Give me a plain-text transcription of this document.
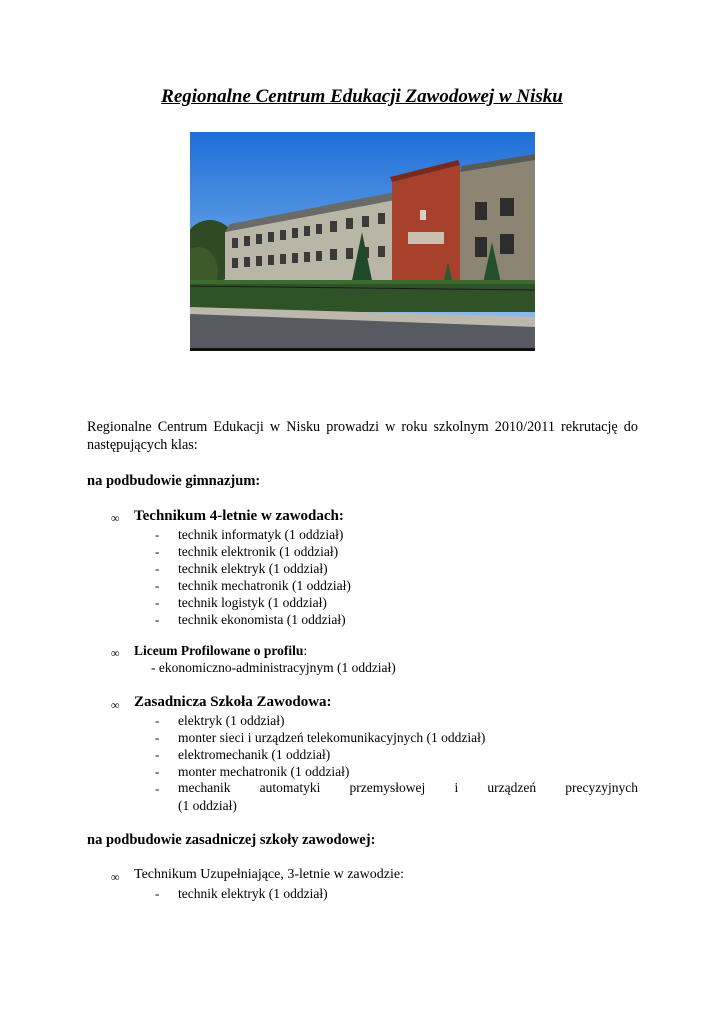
Regionalne Centrum Edukacji Zawodowej w Nisku
Regionalne Centrum Edukacji w Nisku prowadzi w roku szkolnym 2010/2011 rekrutację do następujących klas:
na podbudowie gimnazjum:
∞ Technikum 4-letnie w zawodach:
- technik informatyk (1 oddział)
- technik elektronik (1 oddział)
- technik elektryk (1 oddział)
- technik mechatronik (1 oddział)
- technik logistyk (1 oddział)
- technik ekonomista (1 oddział)
∞ Liceum Profilowane o profilu:
- ekonomiczno-administracyjnym (1 oddział)
∞ Zasadnicza Szkoła Zawodowa:
- elektryk (1 oddział)
- monter sieci i urządzeń telekomunikacyjnych (1 oddział)
- elektromechanik (1 oddział)
- monter mechatronik (1 oddział)
- mechanik automatyki przemysłowej i urządzeń precyzyjnych
(1 oddział)
na podbudowie zasadniczej szkoły zawodowej:
∞ Technikum Uzupełniające, 3-letnie w zawodzie:
- technik elektryk (1 oddział)
